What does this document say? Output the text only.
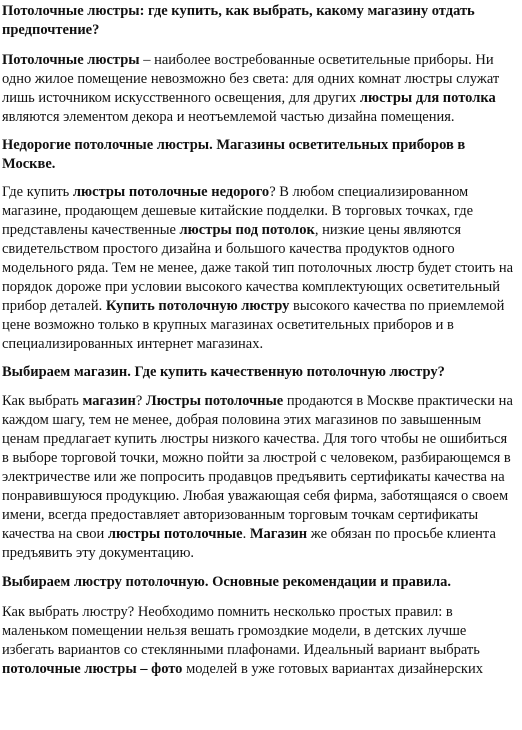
Потолочные люстры: где купить, как выбрать, какому магазину отдать предпочтение?

Потолочные люстры – наиболее востребованные осветительные приборы. Ни одно жилое помещение невозможно без света: для одних комнат люстры служат лишь источником искусственного освещения, для других люстры для потолка являются элементом декора и неотъемлемой частью дизайна помещения.

Недорогие потолочные люстры. Магазины осветительных приборов в Москве.

Где купить люстры потолочные недорого? В любом специализированном магазине, продающем дешевые китайские подделки. В торговых точках, где представлены качественные люстры под потолок, низкие цены являются свидетельством простого дизайна и большого качества продуктов одного модельного ряда. Тем не менее, даже такой тип потолочных люстр будет стоить на порядок дороже при условии высокого качества комплектующих осветительный прибор деталей. Купить потолочную люстру высокого качества по приемлемой цене возможно только в крупных магазинах осветительных приборов и в специализированных интернет магазинах.

Выбираем магазин. Где купить качественную потолочную люстру?

Как выбрать магазин? Люстры потолочные продаются в Москве практически на каждом шагу, тем не менее, добрая половина этих магазинов по завышенным ценам предлагает купить люстры низкого качества. Для того чтобы не ошибиться в выборе торговой точки, можно пойти за люстрой с человеком, разбирающемся в электричестве или же попросить продавцов предъявить сертификаты качества на понравившуюся продукцию. Любая уважающая себя фирма, заботящаяся о своем имени, всегда предоставляет авторизованным торговым точкам сертификаты качества на свои люстры потолочные. Магазин же обязан по просьбе клиента предъявить эту документацию.

Выбираем люстру потолочную. Основные рекомендации и правила.

Как выбрать люстру? Необходимо помнить несколько простых правил: в маленьком помещении нельзя вешать громоздкие модели, в детских лучше избегать вариантов со стеклянными плафонами. Идеальный вариант выбрать потолочные люстры – фото моделей в уже готовых вариантах дизайнерских
